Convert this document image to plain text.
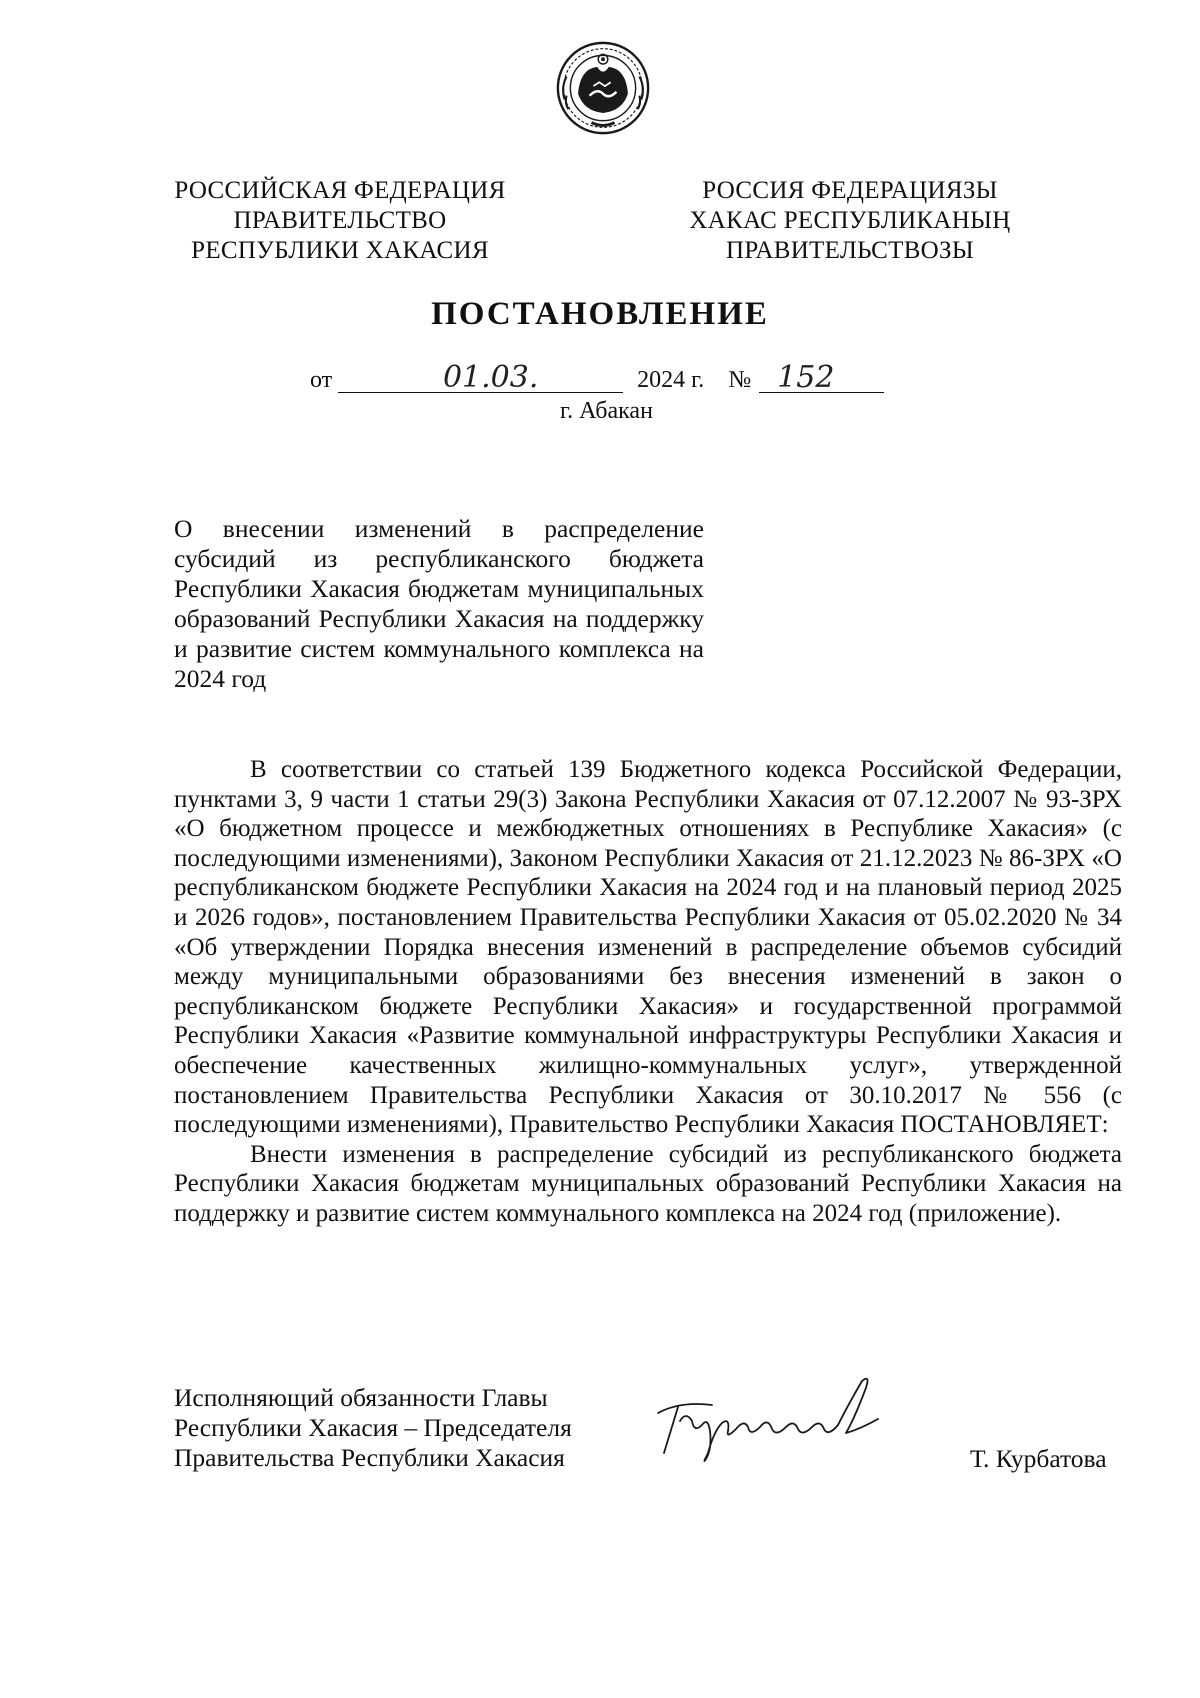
РОССИЙСКАЯ ФЕДЕРАЦИЯ
ПРАВИТЕЛЬСТВО
РЕСПУБЛИКИ ХАКАСИЯ
РОССИЯ ФЕДЕРАЦИЯЗЫ
ХАКАС РЕСПУБЛИКАНЫҢ
ПРАВИТЕЛЬСТВОЗЫ
ПОСТАНОВЛЕНИЕ
от	01.03.	2024 г. № 152
г. Абакан
О внесении изменений в распределение субсидий из республиканского бюджета Республики Хакасия бюджетам муниципальных образований Республики Хакасия на поддержку и развитие систем коммунального комплекса на 2024 год

В соответствии со статьей 139 Бюджетного кодекса Российской Федерации, пунктами 3, 9 части 1 статьи 29(3) Закона Республики Хакасия от 07.12.2007 № 93-ЗРХ «О бюджетном процессе и межбюджетных отношениях в Республике Хакасия» (с последующими изменениями), Законом Республики Хакасия от 21.12.2023 № 86-ЗРХ «О республиканском бюджете Республики Хакасия на 2024 год и на плановый период 2025 и 2026 годов», постановлением Правительства Республики Хакасия от 05.02.2020 № 34 «Об утверждении Порядка внесения изменений в распределение объемов субсидий между муниципальными образованиями без внесения изменений в закон о республиканском бюджете Республики Хакасия» и государственной программой Республики Хакасия «Развитие коммунальной инфраструктуры Республики Хакасия и обеспечение качественных жилищно-коммунальных услуг», утвержденной постановлением Правительства Республики Хакасия от 30.10.2017 № 556 (с последующими изменениями), Правительство Республики Хакасия ПОСТАНОВЛЯЕТ:

Внести изменения в распределение субсидий из республиканского бюджета Республики Хакасия бюджетам муниципальных образований Республики Хакасия на поддержку и развитие систем коммунального комплекса на 2024 год (приложение).

Исполняющий обязанности Главы
Республики Хакасия – Председателя
Правительства Республики Хакасия	Т. Курбатова
